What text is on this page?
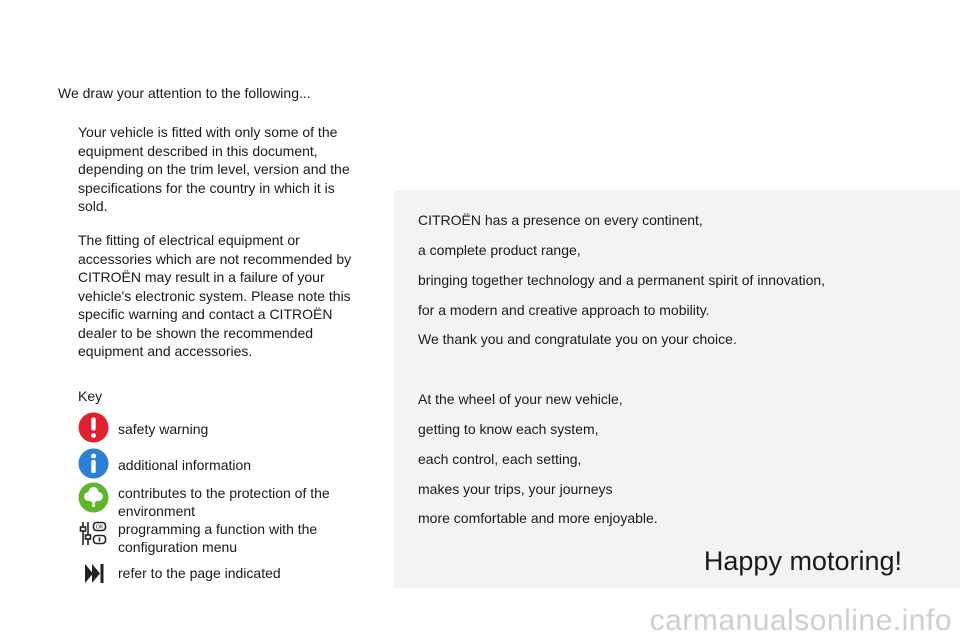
We draw your attention to the following...

Your vehicle is fitted with only some of the equipment described in this document, depending on the trim level, version and the specifications for the country in which it is sold.

The fitting of electrical equipment or accessories which are not recommended by CITROËN may result in a failure of your vehicle's electronic system. Please note this specific warning and contact a CITROËN dealer to be shown the recommended equipment and accessories.

Key
safety warning
additional information
contributes to the protection of the environment
OK programming a function with the configuration menu
refer to the page indicated
CITROËN has a presence on every continent,
a complete product range,
bringing together technology and a permanent spirit of innovation,
for a modern and creative approach to mobility.
We thank you and congratulate you on your choice.
At the wheel of your new vehicle,
getting to know each system,
each control, each setting,
makes your trips, your journeys
more comfortable and more enjoyable.
Happy motoring!
carmanualsonline.info
